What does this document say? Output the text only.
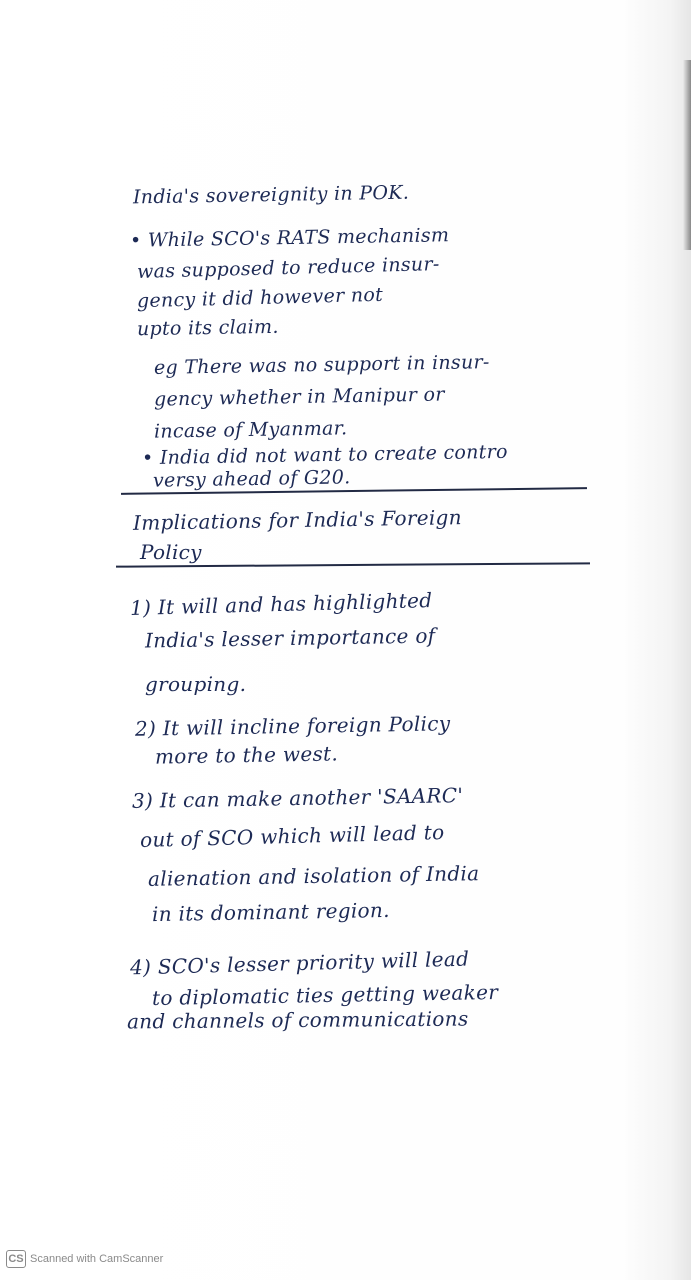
India's sovereignity in POK.
• While SCO's RATS mechanism
was supposed to reduce insur-
gency it did however not
upto its claim.
eg There was no support in insur-
gency whether in Manipur or
incase of Myanmar.
• India did not want to create contro
versy ahead of G20.
Implications for India's Foreign
Policy
1) It will and has highlighted
India's lesser importance of
grouping.
2) It will incline foreign Policy
more to the west.
3) It can make another 'SAARC'
out of SCO which will lead to
alienation and isolation of India
in its dominant region.
4) SCO's lesser priority will lead
to diplomatic ties getting weaker
and channels of communications
CS Scanned with CamScanner
